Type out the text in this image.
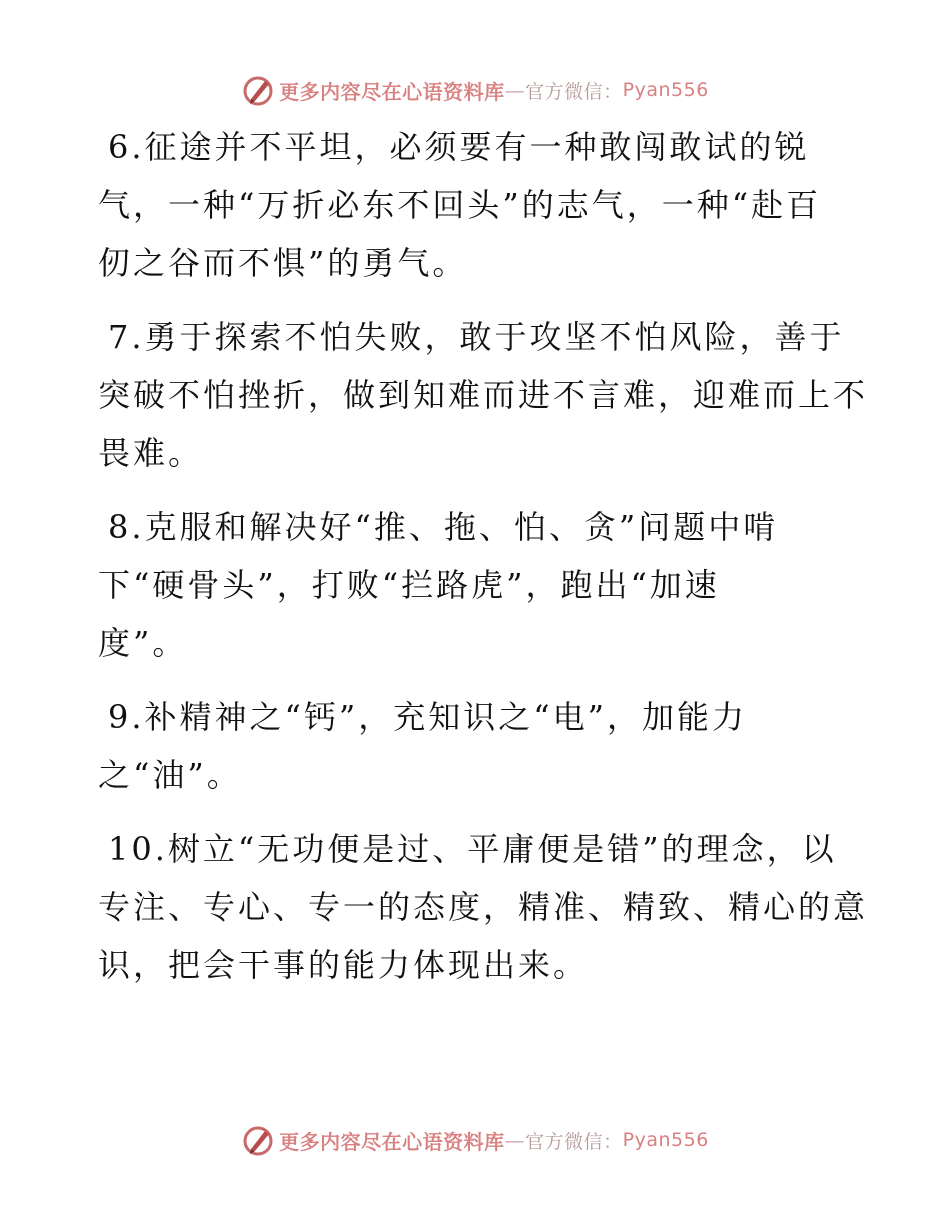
更多内容尽在心语资料库 — 官方微信： Pyan556
6.征途并不平坦，必须要有一种敢闯敢试的锐
气，一种“万折必东不回头”的志气，一种“赴百
仞之谷而不惧”的勇气。
7.勇于探索不怕失败，敢于攻坚不怕风险，善于
突破不怕挫折，做到知难而进不言难，迎难而上不
畏难。
8.克服和解决好“推、拖、怕、贪”问题中啃
下“硬骨头”，打败“拦路虎”，跑出“加速
度”。
9.补精神之“钙”，充知识之“电”，加能力
之“油”。
10.树立“无功便是过、平庸便是错”的理念，以
专注、专心、专一的态度，精准、精致、精心的意
识，把会干事的能力体现出来。
更多内容尽在心语资料库 — 官方微信： Pyan556
